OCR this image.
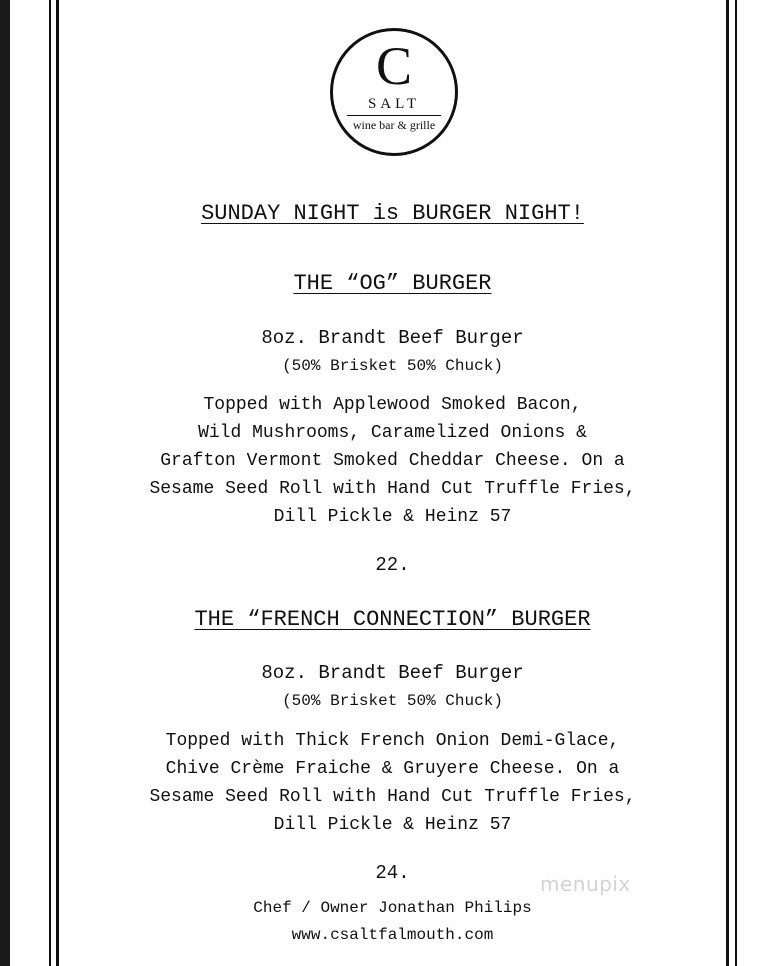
C
SALT
wine bar & grille

SUNDAY NIGHT is BURGER NIGHT!

THE “OG” BURGER

8oz. Brandt Beef Burger

(50% Brisket 50% Chuck)

Topped with Applewood Smoked Bacon,

Wild Mushrooms, Caramelized Onions &

Grafton Vermont Smoked Cheddar Cheese. On a

Sesame Seed Roll with Hand Cut Truffle Fries,

Dill Pickle & Heinz 57

22.

THE “FRENCH CONNECTION” BURGER

8oz. Brandt Beef Burger

(50% Brisket 50% Chuck)

Topped with Thick French Onion Demi-Glace,

Chive Crème Fraiche & Gruyere Cheese. On a

Sesame Seed Roll with Hand Cut Truffle Fries,

Dill Pickle & Heinz 57

24.

Chef / Owner Jonathan Philips

www.csaltfalmouth.com

menupix
